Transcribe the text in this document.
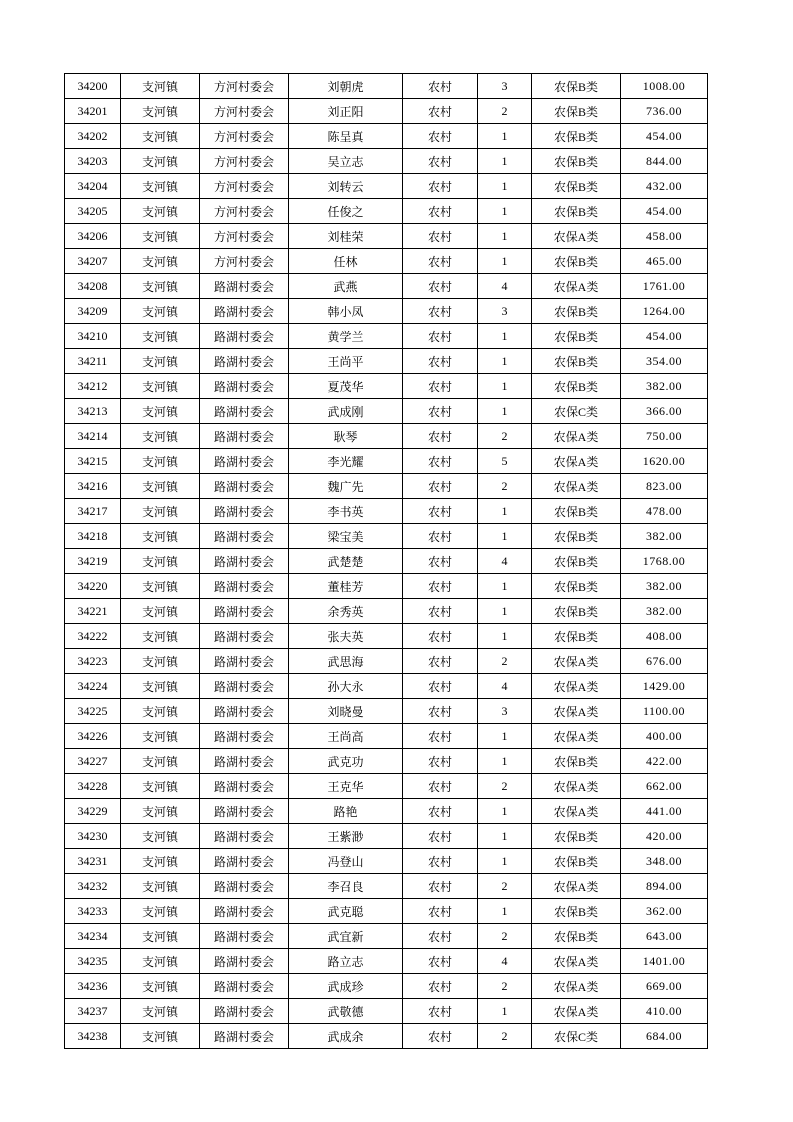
34200	支河镇	方河村委会	刘朝虎	农村	3	农保B类	1008.00
34201	支河镇	方河村委会	刘正阳	农村	2	农保B类	736.00
34202	支河镇	方河村委会	陈呈真	农村	1	农保B类	454.00
34203	支河镇	方河村委会	吴立志	农村	1	农保B类	844.00
34204	支河镇	方河村委会	刘转云	农村	1	农保B类	432.00
34205	支河镇	方河村委会	任俊之	农村	1	农保B类	454.00
34206	支河镇	方河村委会	刘桂荣	农村	1	农保A类	458.00
34207	支河镇	方河村委会	任林	农村	1	农保B类	465.00
34208	支河镇	路湖村委会	武燕	农村	4	农保A类	1761.00
34209	支河镇	路湖村委会	韩小凤	农村	3	农保B类	1264.00
34210	支河镇	路湖村委会	黄学兰	农村	1	农保B类	454.00
34211	支河镇	路湖村委会	王尚平	农村	1	农保B类	354.00
34212	支河镇	路湖村委会	夏茂华	农村	1	农保B类	382.00
34213	支河镇	路湖村委会	武成刚	农村	1	农保C类	366.00
34214	支河镇	路湖村委会	耿琴	农村	2	农保A类	750.00
34215	支河镇	路湖村委会	李光耀	农村	5	农保A类	1620.00
34216	支河镇	路湖村委会	魏广先	农村	2	农保A类	823.00
34217	支河镇	路湖村委会	李书英	农村	1	农保B类	478.00
34218	支河镇	路湖村委会	梁宝美	农村	1	农保B类	382.00
34219	支河镇	路湖村委会	武楚楚	农村	4	农保B类	1768.00
34220	支河镇	路湖村委会	董桂芳	农村	1	农保B类	382.00
34221	支河镇	路湖村委会	余秀英	农村	1	农保B类	382.00
34222	支河镇	路湖村委会	张夫英	农村	1	农保B类	408.00
34223	支河镇	路湖村委会	武思海	农村	2	农保A类	676.00
34224	支河镇	路湖村委会	孙大永	农村	4	农保A类	1429.00
34225	支河镇	路湖村委会	刘晓曼	农村	3	农保A类	1100.00
34226	支河镇	路湖村委会	王尚高	农村	1	农保A类	400.00
34227	支河镇	路湖村委会	武克功	农村	1	农保B类	422.00
34228	支河镇	路湖村委会	王克华	农村	2	农保A类	662.00
34229	支河镇	路湖村委会	路艳	农村	1	农保A类	441.00
34230	支河镇	路湖村委会	王紫渺	农村	1	农保B类	420.00
34231	支河镇	路湖村委会	冯登山	农村	1	农保B类	348.00
34232	支河镇	路湖村委会	李召良	农村	2	农保A类	894.00
34233	支河镇	路湖村委会	武克聪	农村	1	农保B类	362.00
34234	支河镇	路湖村委会	武宜新	农村	2	农保B类	643.00
34235	支河镇	路湖村委会	路立志	农村	4	农保A类	1401.00
34236	支河镇	路湖村委会	武成珍	农村	2	农保A类	669.00
34237	支河镇	路湖村委会	武敬德	农村	1	农保A类	410.00
34238	支河镇	路湖村委会	武成余	农村	2	农保C类	684.00
